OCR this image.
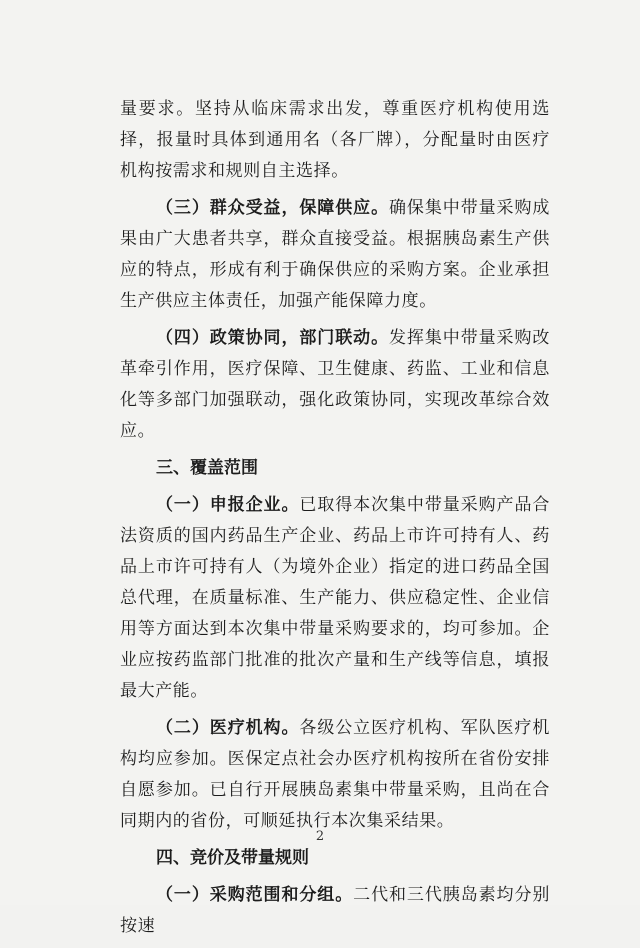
量要求。坚持从临床需求出发，尊重医疗机构使用选择，报量时具体到通用名（各厂牌），分配量时由医疗机构按需求和规则自主选择。

（三）群众受益，保障供应。确保集中带量采购成果由广大患者共享，群众直接受益。根据胰岛素生产供应的特点，形成有利于确保供应的采购方案。企业承担生产供应主体责任，加强产能保障力度。

（四）政策协同，部门联动。发挥集中带量采购改革牵引作用，医疗保障、卫生健康、药监、工业和信息化等多部门加强联动，强化政策协同，实现改革综合效应。

三、覆盖范围

（一）申报企业。已取得本次集中带量采购产品合法资质的国内药品生产企业、药品上市许可持有人、药品上市许可持有人（为境外企业）指定的进口药品全国总代理，在质量标准、生产能力、供应稳定性、企业信用等方面达到本次集中带量采购要求的，均可参加。企业应按药监部门批准的批次产量和生产线等信息，填报最大产能。

（二）医疗机构。各级公立医疗机构、军队医疗机构均应参加。医保定点社会办医疗机构按所在省份安排自愿参加。已自行开展胰岛素集中带量采购，且尚在合同期内的省份，可顺延执行本次集采结果。

四、竞价及带量规则

（一）采购范围和分组。二代和三代胰岛素均分别按速

2
